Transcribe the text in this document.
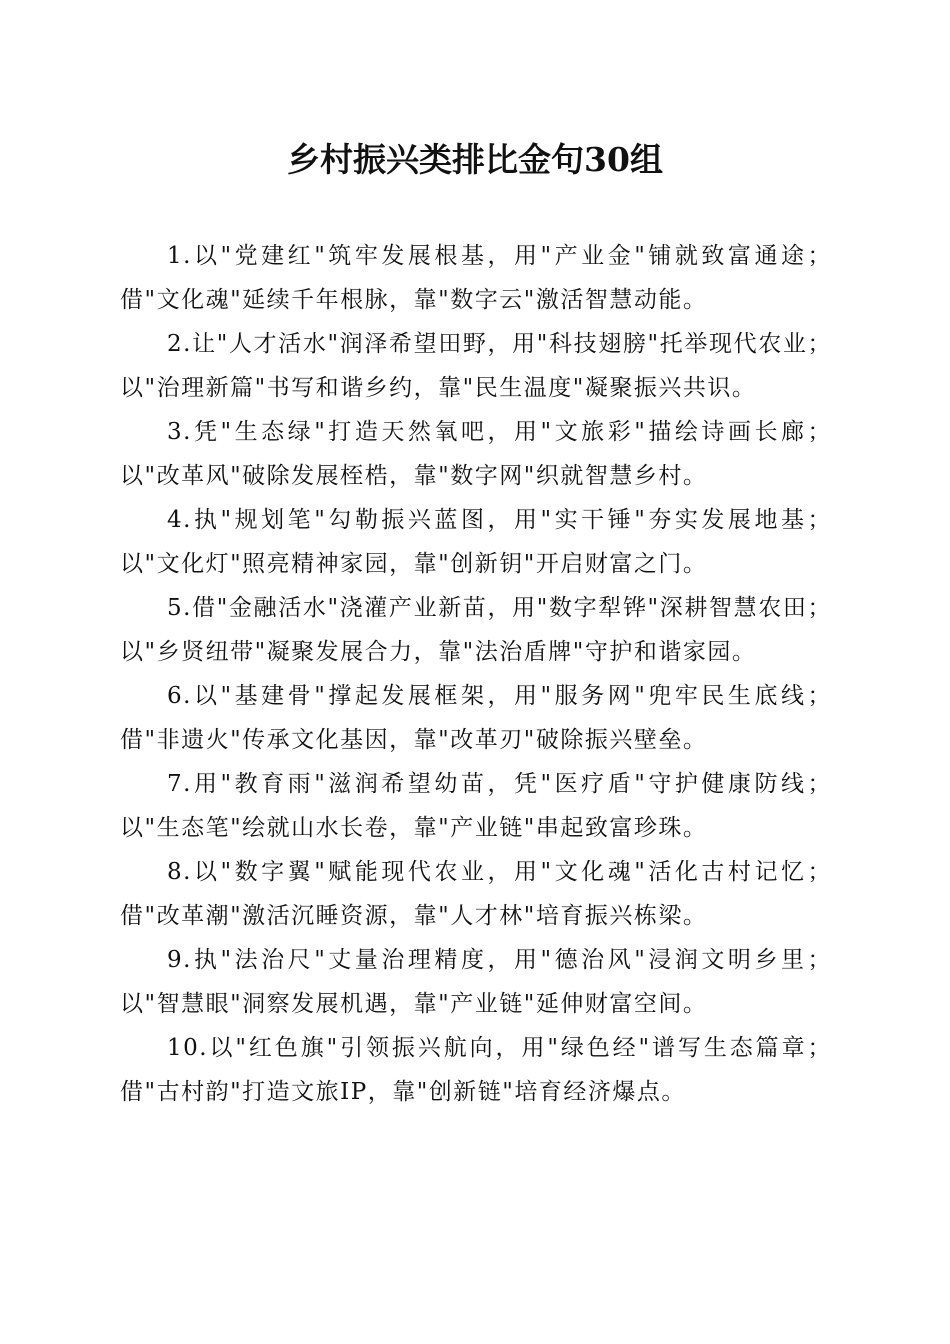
乡村振兴类排比金句30组

1.以"党建红"筑牢发展根基，用"产业金"铺就致富通途；借"文化魂"延续千年根脉，靠"数字云"激活智慧动能。

2.让"人才活水"润泽希望田野，用"科技翅膀"托举现代农业；以"治理新篇"书写和谐乡约，靠"民生温度"凝聚振兴共识。

3.凭"生态绿"打造天然氧吧，用"文旅彩"描绘诗画长廊；以"改革风"破除发展桎梏，靠"数字网"织就智慧乡村。

4.执"规划笔"勾勒振兴蓝图，用"实干锤"夯实发展地基；以"文化灯"照亮精神家园，靠"创新钥"开启财富之门。

5.借"金融活水"浇灌产业新苗，用"数字犁铧"深耕智慧农田；以"乡贤纽带"凝聚发展合力，靠"法治盾牌"守护和谐家园。

6.以"基建骨"撑起发展框架，用"服务网"兜牢民生底线；借"非遗火"传承文化基因，靠"改革刃"破除振兴壁垒。

7.用"教育雨"滋润希望幼苗，凭"医疗盾"守护健康防线；以"生态笔"绘就山水长卷，靠"产业链"串起致富珍珠。

8.以"数字翼"赋能现代农业，用"文化魂"活化古村记忆；借"改革潮"激活沉睡资源，靠"人才林"培育振兴栋梁。

9.执"法治尺"丈量治理精度，用"德治风"浸润文明乡里；以"智慧眼"洞察发展机遇，靠"产业链"延伸财富空间。

10.以"红色旗"引领振兴航向，用"绿色经"谱写生态篇章；借"古村韵"打造文旅IP，靠"创新链"培育经济爆点。
